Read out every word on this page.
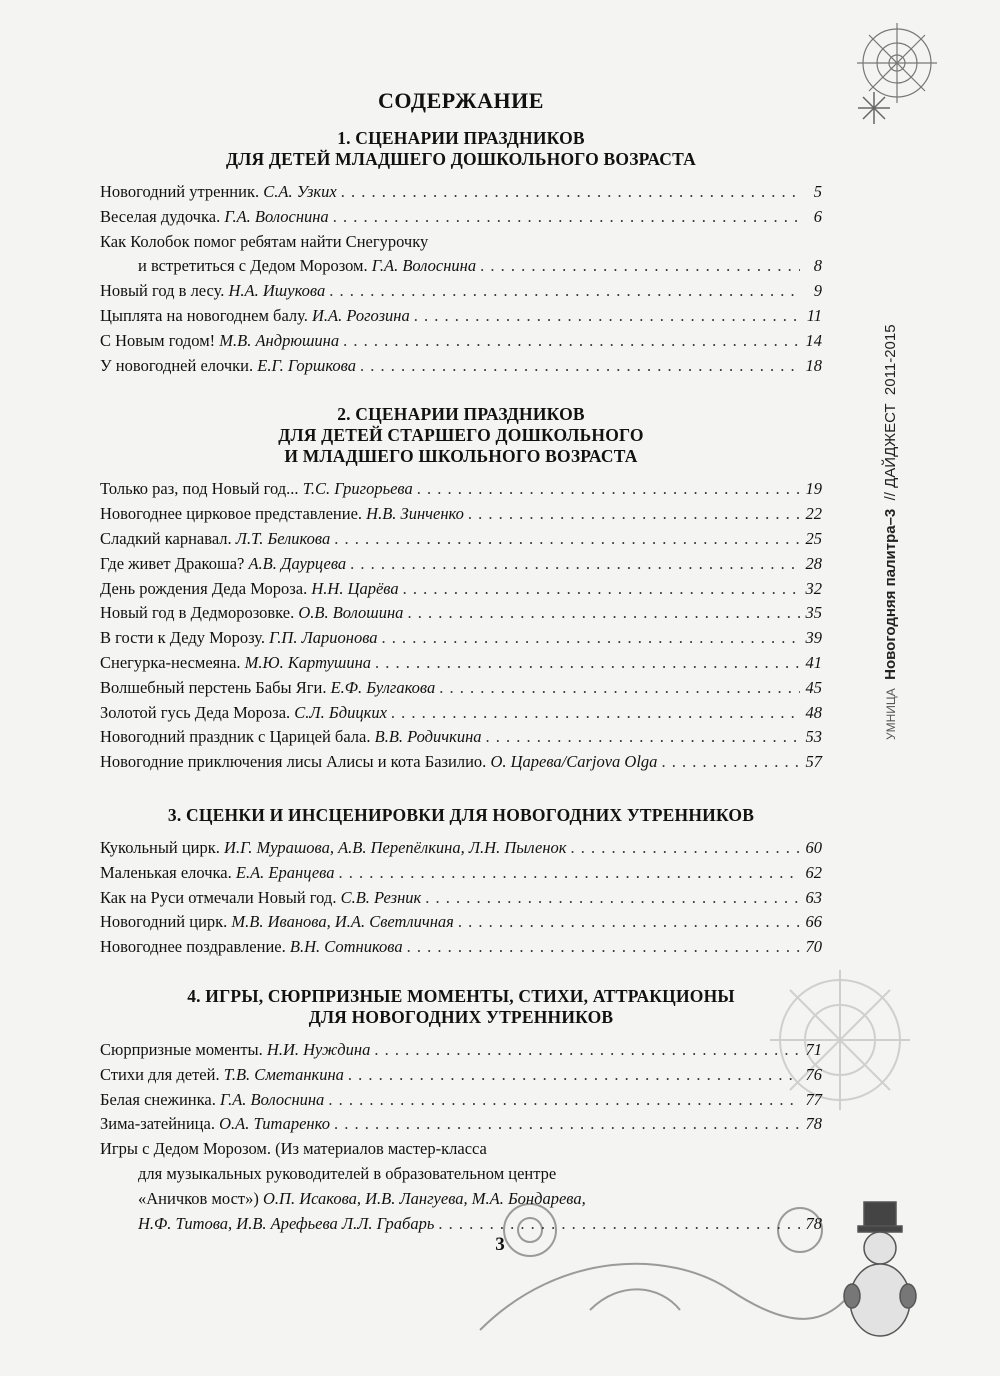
СОДЕРЖАНИЕ
1. СЦЕНАРИИ ПРАЗДНИКОВ
ДЛЯ ДЕТЕЙ МЛАДШЕГО ДОШКОЛЬНОГО ВОЗРАСТА
Новогодний утренник. С.А. Узких . . .	5
Веселая дудочка. Г.А. Волоснина . . .	6
Как Колобок помог ребятам найти Снегурочку
и встретиться с Дедом Морозом. Г.А. Волоснина . . .	8
Новый год в лесу. Н.А. Ишукова . . .	9
Цыплята на новогоднем балу. И.А. Рогозина . . .	11
С Новым годом! М.В. Андрюшина . . .	14
У новогодней елочки. Е.Г. Горшкова . . .	18
2. СЦЕНАРИИ ПРАЗДНИКОВ
ДЛЯ ДЕТЕЙ СТАРШЕГО ДОШКОЛЬНОГО
И МЛАДШЕГО ШКОЛЬНОГО ВОЗРАСТА
Только раз, под Новый год... Т.С. Григорьева . . .	19
Новогоднее цирковое представление. Н.В. Зинченко . . .	22
Сладкий карнавал. Л.Т. Беликова . . .	25
Где живет Дракоша? А.В. Даурцева . . .	28
День рождения Деда Мороза. Н.Н. Царёва . . .	32
Новый год в Дедморозовке. О.В. Волошина . . .	35
В гости к Деду Морозу. Г.П. Ларионова . . .	39
Снегурка-несмеяна. М.Ю. Картушина . . .	41
Волшебный перстень Бабы Яги. Е.Ф. Булгакова . . .	45
Золотой гусь Деда Мороза. С.Л. Бдицких . . .	48
Новогодний праздник с Царицей бала. В.В. Родичкина . . .	53
Новогодние приключения лисы Алисы и кота Базилио. О. Царева/Carjova Olga . . .	57
3. СЦЕНКИ И ИНСЦЕНИРОВКИ ДЛЯ НОВОГОДНИХ УТРЕННИКОВ
Кукольный цирк. И.Г. Мурашова, А.В. Перепёлкина, Л.Н. Пыленок . . .	60
Маленькая елочка. Е.А. Еранцева . . .	62
Как на Руси отмечали Новый год. С.В. Резник . . .	63
Новогодний цирк. М.В. Иванова, И.А. Светличная . . .	66
Новогоднее поздравление. В.Н. Сотникова . . .	70
4. ИГРЫ, СЮРПРИЗНЫЕ МОМЕНТЫ, СТИХИ, АТТРАКЦИОНЫ
ДЛЯ НОВОГОДНИХ УТРЕННИКОВ
Сюрпризные моменты. Н.И. Нуждина . . .	71
Стихи для детей. Т.В. Сметанкина . . .	76
Белая снежинка. Г.А. Волоснина . . .	77
Зима-затейница. О.А. Титаренко . . .	78
Игры с Дедом Морозом. (Из материалов мастер-класса
для музыкальных руководителей в образовательном центре
«Аничков мост») О.П. Исакова, И.В. Лангуева, М.А. Бондарева,
Н.Ф. Титова, И.В. Арефьева Л.Л. Грабарь . . .	78
3
УМНИЦА  Новогодняя палитра–3  // ДАЙДЖЕСТ  2011-2015
